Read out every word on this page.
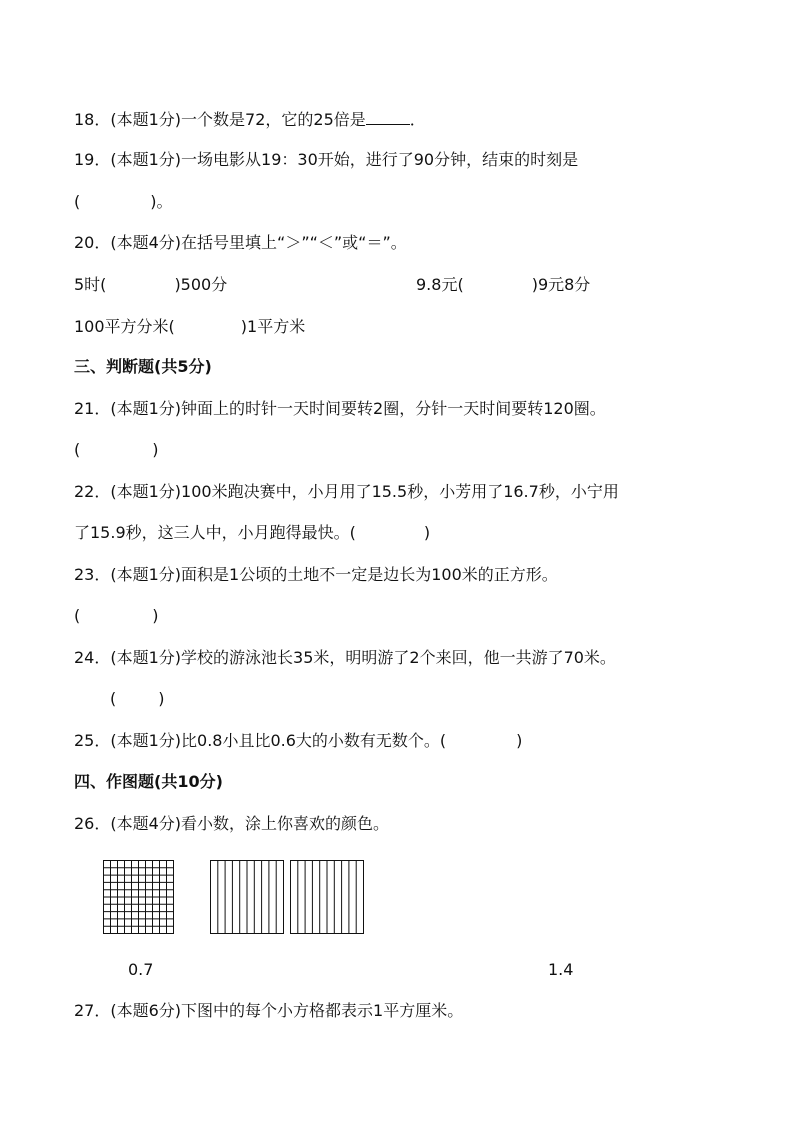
18．(本题1分)一个数是72，它的25倍是	．
19．(本题1分)一场电影从19：30开始，进行了90分钟，结束的时刻是
(	)。
20．(本题4分)在括号里填上“＞”“＜”或“＝”。
5时(	)500分	9.8元(	)9元8分
100平方分米(	)1平方米
三、判断题(共5分)
21．(本题1分)钟面上的时针一天时间要转2圈，分针一天时间要转120圈。
(	)
22．(本题1分)100米跑决赛中，小月用了15.5秒，小芳用了16.7秒，小宁用
了15.9秒，这三人中，小月跑得最快。(	)
23．(本题1分)面积是1公顷的土地不一定是边长为100米的正方形。
(	)
24．(本题1分)学校的游泳池长35米，明明游了2个来回，他一共游了70米。
(	)
25．(本题1分)比0.8小且比0.6大的小数有无数个。(	)
四、作图题(共10分)
26．(本题4分)看小数，涂上你喜欢的颜色。
0.7	1.4
27．(本题6分)下图中的每个小方格都表示1平方厘米。
